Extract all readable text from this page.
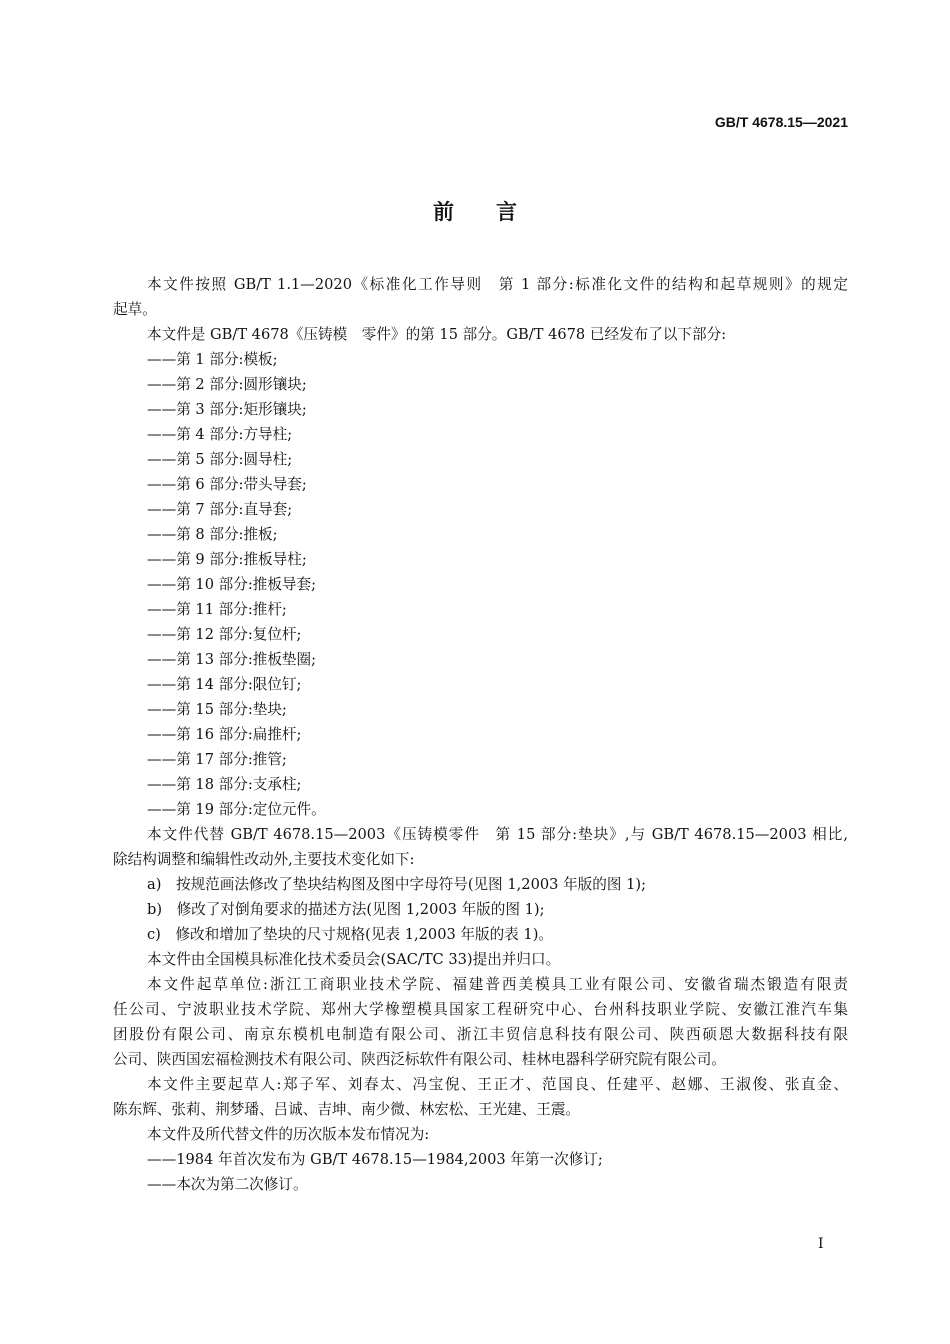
GB/T 4678.15—2021
前 言
本文件按照 GB/T 1.1—2020《标准化工作导则　第 1 部分:标准化文件的结构和起草规则》的规定
起草。
本文件是 GB/T 4678《压铸模　零件》的第 15 部分。GB/T 4678 已经发布了以下部分:
——第 1 部分:模板;
——第 2 部分:圆形镶块;
——第 3 部分:矩形镶块;
——第 4 部分:方导柱;
——第 5 部分:圆导柱;
——第 6 部分:带头导套;
——第 7 部分:直导套;
——第 8 部分:推板;
——第 9 部分:推板导柱;
——第 10 部分:推板导套;
——第 11 部分:推杆;
——第 12 部分:复位杆;
——第 13 部分:推板垫圈;
——第 14 部分:限位钉;
——第 15 部分:垫块;
——第 16 部分:扁推杆;
——第 17 部分:推管;
——第 18 部分:支承柱;
——第 19 部分:定位元件。
本文件代替 GB/T 4678.15—2003《压铸模零件　第 15 部分:垫块》,与 GB/T 4678.15—2003 相比,
除结构调整和编辑性改动外,主要技术变化如下:
a)　按规范画法修改了垫块结构图及图中字母符号(见图 1,2003 年版的图 1);
b)　修改了对倒角要求的描述方法(见图 1,2003 年版的图 1);
c)　修改和增加了垫块的尺寸规格(见表 1,2003 年版的表 1)。
本文件由全国模具标准化技术委员会(SAC/TC 33)提出并归口。
本文件起草单位:浙江工商职业技术学院、福建普西美模具工业有限公司、安徽省瑞杰锻造有限责
任公司、宁波职业技术学院、郑州大学橡塑模具国家工程研究中心、台州科技职业学院、安徽江淮汽车集
团股份有限公司、南京东模机电制造有限公司、浙江丰贸信息科技有限公司、陕西硕恩大数据科技有限
公司、陕西国宏福检测技术有限公司、陕西泛标软件有限公司、桂林电器科学研究院有限公司。
本文件主要起草人:郑子军、刘春太、冯宝倪、王正才、范国良、任建平、赵娜、王淑俊、张直金、
陈东辉、张莉、荆梦璠、吕诚、吉坤、南少微、林宏松、王光建、王震。
本文件及所代替文件的历次版本发布情况为:
——1984 年首次发布为 GB/T 4678.15—1984,2003 年第一次修订;
——本次为第二次修订。
I
